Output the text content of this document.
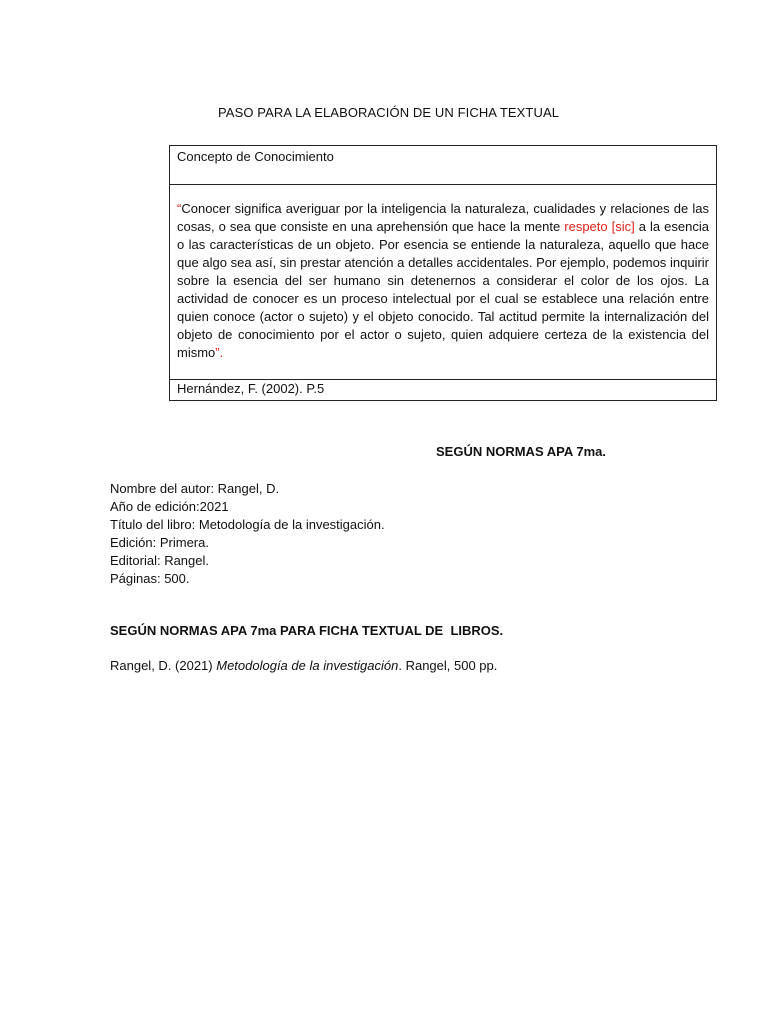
PASO PARA LA ELABORACIÓN DE UN FICHA TEXTUAL
Concepto de Conocimiento

“Conocer significa averiguar por la inteligencia la naturaleza, cualidades y relaciones de las cosas, o sea que consiste en una aprehensión que hace la mente respeto [sic] a la esencia o las características de un objeto. Por esencia se entiende la naturaleza, aquello que hace que algo sea así, sin prestar atención a detalles accidentales. Por ejemplo, podemos inquirir sobre la esencia del ser humano sin detenernos a considerar el color de los ojos. La actividad de conocer es un proceso intelectual por el cual se establece una relación entre quien conoce (actor o sujeto) y el objeto conocido. Tal actitud permite la internalización del objeto de conocimiento por el actor o sujeto, quien adquiere certeza de la existencia del mismo”.

Hernández, F. (2002). P.5
SEGÚN NORMAS APA 7ma.
Nombre del autor: Rangel, D.
Año de edición:2021
Título del libro: Metodología de la investigación.
Edición: Primera.
Editorial: Rangel.
Páginas: 500.
SEGÚN NORMAS APA 7ma PARA FICHA TEXTUAL DE  LIBROS.
Rangel, D. (2021) Metodología de la investigación. Rangel, 500 pp.
